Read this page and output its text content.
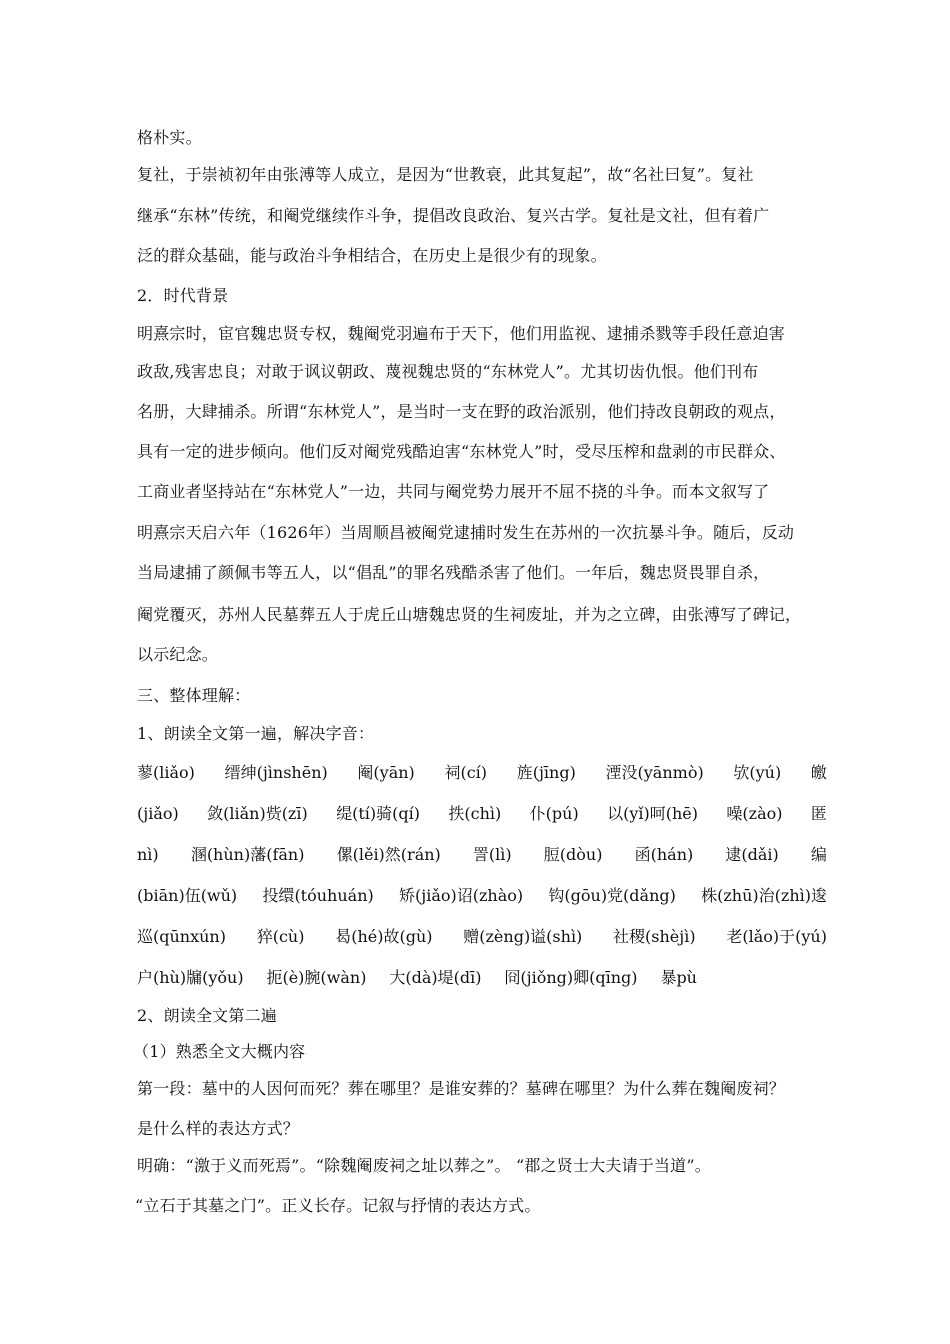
格朴实。
复社，于崇祯初年由张溥等人成立，是因为“世教衰，此其复起”，故“名社曰复”。复社
继承“东林”传统，和阉党继续作斗争，提倡改良政治、复兴古学。复社是文社，但有着广
泛的群众基础，能与政治斗争相结合，在历史上是很少有的现象。
2．时代背景
明熹宗时，宦官魏忠贤专权，魏阉党羽遍布于天下，他们用监视、逮捕杀戮等手段任意迫害
政敌,残害忠良；对敢于讽议朝政、蔑视魏忠贤的“东林党人”。尤其切齿仇恨。他们刊布
名册，大肆捕杀。所谓“东林党人”，是当时一支在野的政治派别，他们持改良朝政的观点，
具有一定的进步倾向。他们反对阉党残酷迫害“东林党人”时，受尽压榨和盘剥的市民群众、
工商业者坚持站在“东林党人”一边，共同与阉党势力展开不屈不挠的斗争。而本文叙写了
明熹宗天启六年（1626年）当周顺昌被阉党逮捕时发生在苏州的一次抗暴斗争。随后，反动
当局逮捕了颜佩韦等五人，以“倡乱”的罪名残酷杀害了他们。一年后，魏忠贤畏罪自杀，
阉党覆灭，苏州人民墓葬五人于虎丘山塘魏忠贤的生祠废址，并为之立碑，由张溥写了碑记，
以示纪念。
三、整体理解：
1、朗读全文第一遍，解决字音：
蓼(liǎo) 缙绅(jìnshēn) 阉(yān) 祠(cí) 旌(jīng) 湮没(yānmò) 欤(yú) 皦
(jiǎo) 敛(liǎn)赀(zī) 缇(tí)骑(qí) 抶(chì) 仆(pú) 以(yǐ)呵(hē) 噪(zào) 匿
nì) 溷(hùn)藩(fān) 傫(lěi)然(rán) 詈(lì) 脰(dòu) 函(hán) 逮(dǎi) 编
(biān)伍(wǔ) 投缳(tóuhuán) 矫(jiǎo)诏(zhào) 钩(gōu)党(dǎng) 株(zhū)治(zhì)逡
巡(qūnxún) 猝(cù) 曷(hé)故(gù) 赠(zèng)谥(shì) 社稷(shèjì) 老(lǎo)于(yú)
户(hù)牖(yǒu) 扼(è)腕(wàn) 大(dà)堤(dī) 冏(jiǒng)卿(qīng) 暴pù
2、朗读全文第二遍
（1）熟悉全文大概内容
第一段：墓中的人因何而死？葬在哪里？是谁安葬的？墓碑在哪里？为什么葬在魏阉废祠？
是什么样的表达方式？
明确：“激于义而死焉”。“除魏阉废祠之址以葬之”。 “郡之贤士大夫请于当道”。
“立石于其墓之门”。正义长存。记叙与抒情的表达方式。
